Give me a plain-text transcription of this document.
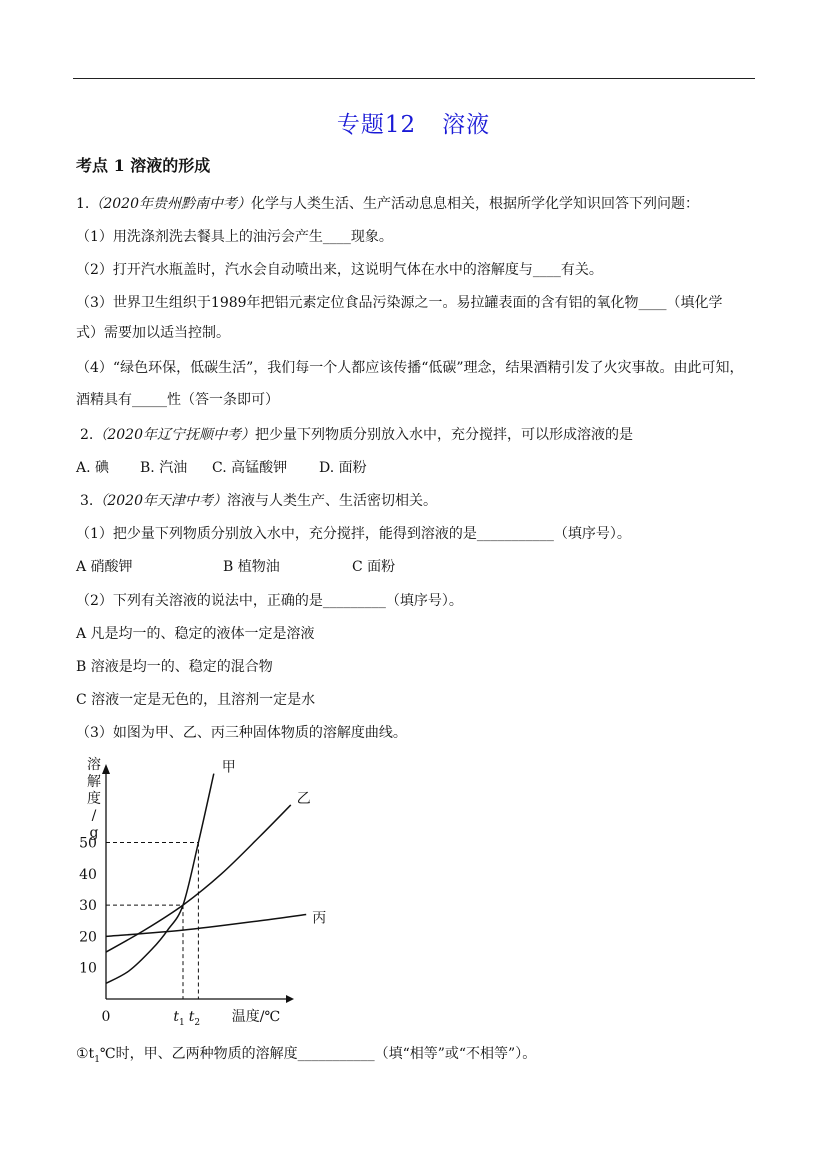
专题12 溶液
考点 1 溶液的形成
1.（2020年贵州黔南中考）化学与人类生活、生产活动息息相关，根据所学化学知识回答下列问题：
（1）用洗涤剂洗去餐具上的油污会产生____现象。
（2）打开汽水瓶盖时，汽水会自动喷出来，这说明气体在水中的溶解度与____有关。
（3）世界卫生组织于1989年把铝元素定位食品污染源之一。易拉罐表面的含有铝的氧化物____（填化学
式）需要加以适当控制。
（4）“绿色环保，低碳生活”，我们每一个人都应该传播“低碳”理念，结果酒精引发了火灾事故。由此可知，
酒精具有_____性（答一条即可）
2.（2020年辽宁抚顺中考）把少量下列物质分别放入水中，充分搅拌，可以形成溶液的是
A. 碘 B. 汽油 C. 高锰酸钾 D. 面粉
3.（2020年天津中考）溶液与人类生产、生活密切相关。
（1）把少量下列物质分别放入水中，充分搅拌，能得到溶液的是___________（填序号）。
A 硝酸钾	B 植物油	C 面粉
（2）下列有关溶液的说法中，正确的是_________（填序号）。
A 凡是均一的、稳定的液体一定是溶液
B 溶液是均一的、稳定的混合物
C 溶液一定是无色的，且溶剂一定是水
（3）如图为甲、乙、丙三种固体物质的溶解度曲线。
10
20
30
40
50
0	$t_1$ $t_2$
溶解度/ g
温度/℃
甲
乙
丙
$①t_1℃$时，甲、乙两种物质的溶解度___________（填“相等”或“不相等”）。
